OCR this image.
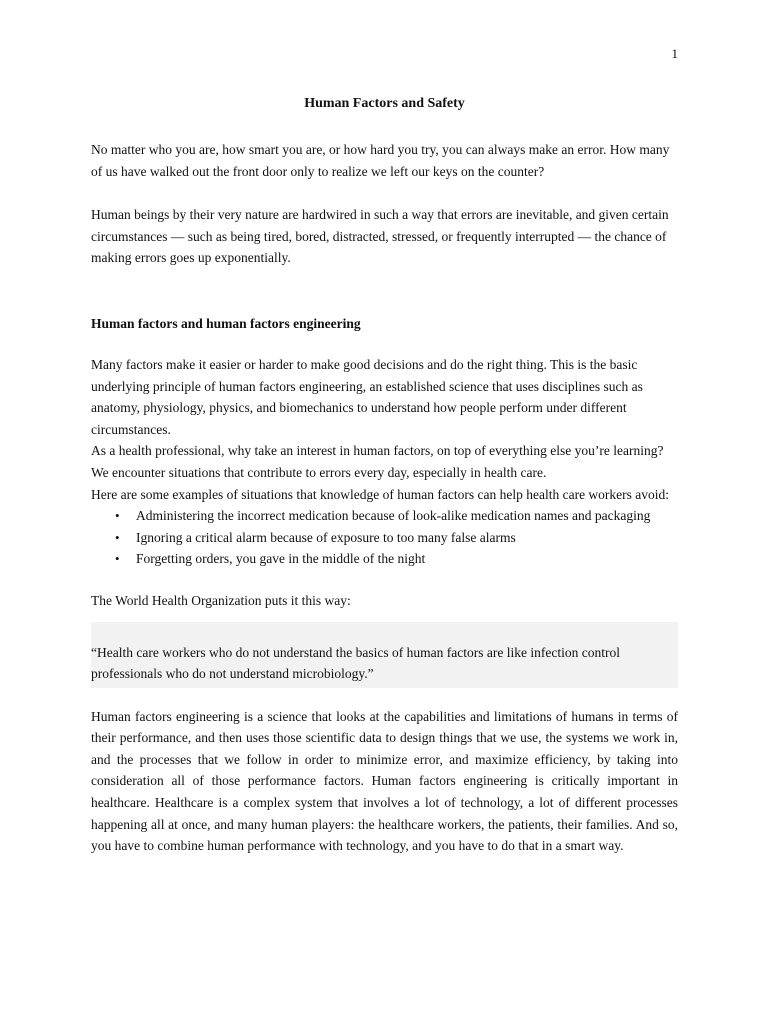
1
Human Factors and Safety

No matter who you are, how smart you are, or how hard you try, you can always make an error. How many of us have walked out the front door only to realize we left our keys on the counter?

Human beings by their very nature are hardwired in such a way that errors are inevitable, and given certain circumstances — such as being tired, bored, distracted, stressed, or frequently interrupted — the chance of making errors goes up exponentially.

Human factors and human factors engineering

Many factors make it easier or harder to make good decisions and do the right thing. This is the basic underlying principle of human factors engineering, an established science that uses disciplines such as anatomy, physiology, physics, and biomechanics to understand how people perform under different circumstances.

As a health professional, why take an interest in human factors, on top of everything else you’re learning? We encounter situations that contribute to errors every day, especially in health care.

Here are some examples of situations that knowledge of human factors can help health care workers avoid:

• Administering the incorrect medication because of look-alike medication names and packaging
• Ignoring a critical alarm because of exposure to too many false alarms
• Forgetting orders, you gave in the middle of the night

The World Health Organization puts it this way:

“Health care workers who do not understand the basics of human factors are like infection control professionals who do not understand microbiology.”

Human factors engineering is a science that looks at the capabilities and limitations of humans in terms of their performance, and then uses those scientific data to design things that we use, the systems we work in, and the processes that we follow in order to minimize error, and maximize efficiency, by taking into consideration all of those performance factors. Human factors engineering is critically important in healthcare. Healthcare is a complex system that involves a lot of technology, a lot of different processes happening all at once, and many human players: the healthcare workers, the patients, their families. And so, you have to combine human performance with technology, and you have to do that in a smart way.
